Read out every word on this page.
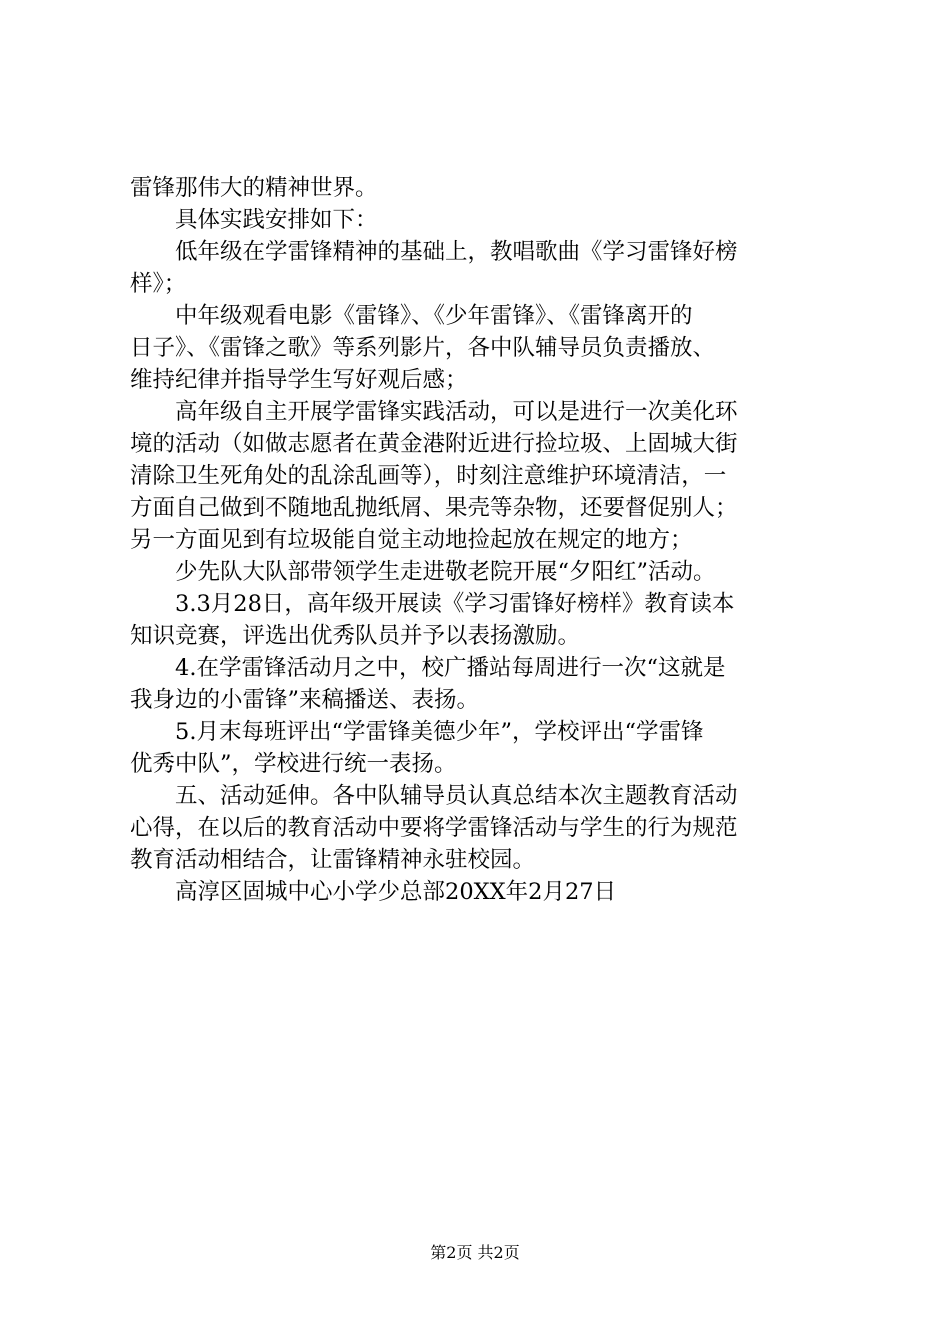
雷锋那伟大的精神世界。
　　具体实践安排如下：
　　低年级在学雷锋精神的基础上，教唱歌曲《学习雷锋好榜
样》；
　　中年级观看电影《雷锋》、《少年雷锋》、《雷锋离开的
日子》、《雷锋之歌》等系列影片，各中队辅导员负责播放、
维持纪律并指导学生写好观后感；
　　高年级自主开展学雷锋实践活动，可以是进行一次美化环
境的活动（如做志愿者在黄金港附近进行捡垃圾、上固城大街
清除卫生死角处的乱涂乱画等），时刻注意维护环境清洁，一
方面自己做到不随地乱抛纸屑、果壳等杂物，还要督促别人；
另一方面见到有垃圾能自觉主动地捡起放在规定的地方；
　　少先队大队部带领学生走进敬老院开展“夕阳红”活动。
　　3.3月28日，高年级开展读《学习雷锋好榜样》教育读本
知识竞赛，评选出优秀队员并予以表扬激励。
　　4.在学雷锋活动月之中，校广播站每周进行一次“这就是
我身边的小雷锋”来稿播送、表扬。
　　5.月末每班评出“学雷锋美德少年”，学校评出“学雷锋
优秀中队”，学校进行统一表扬。
　　五、活动延伸。各中队辅导员认真总结本次主题教育活动
心得，在以后的教育活动中要将学雷锋活动与学生的行为规范
教育活动相结合，让雷锋精神永驻校园。
　　高淳区固城中心小学少总部20XX年2月27日
第2页 共2页
